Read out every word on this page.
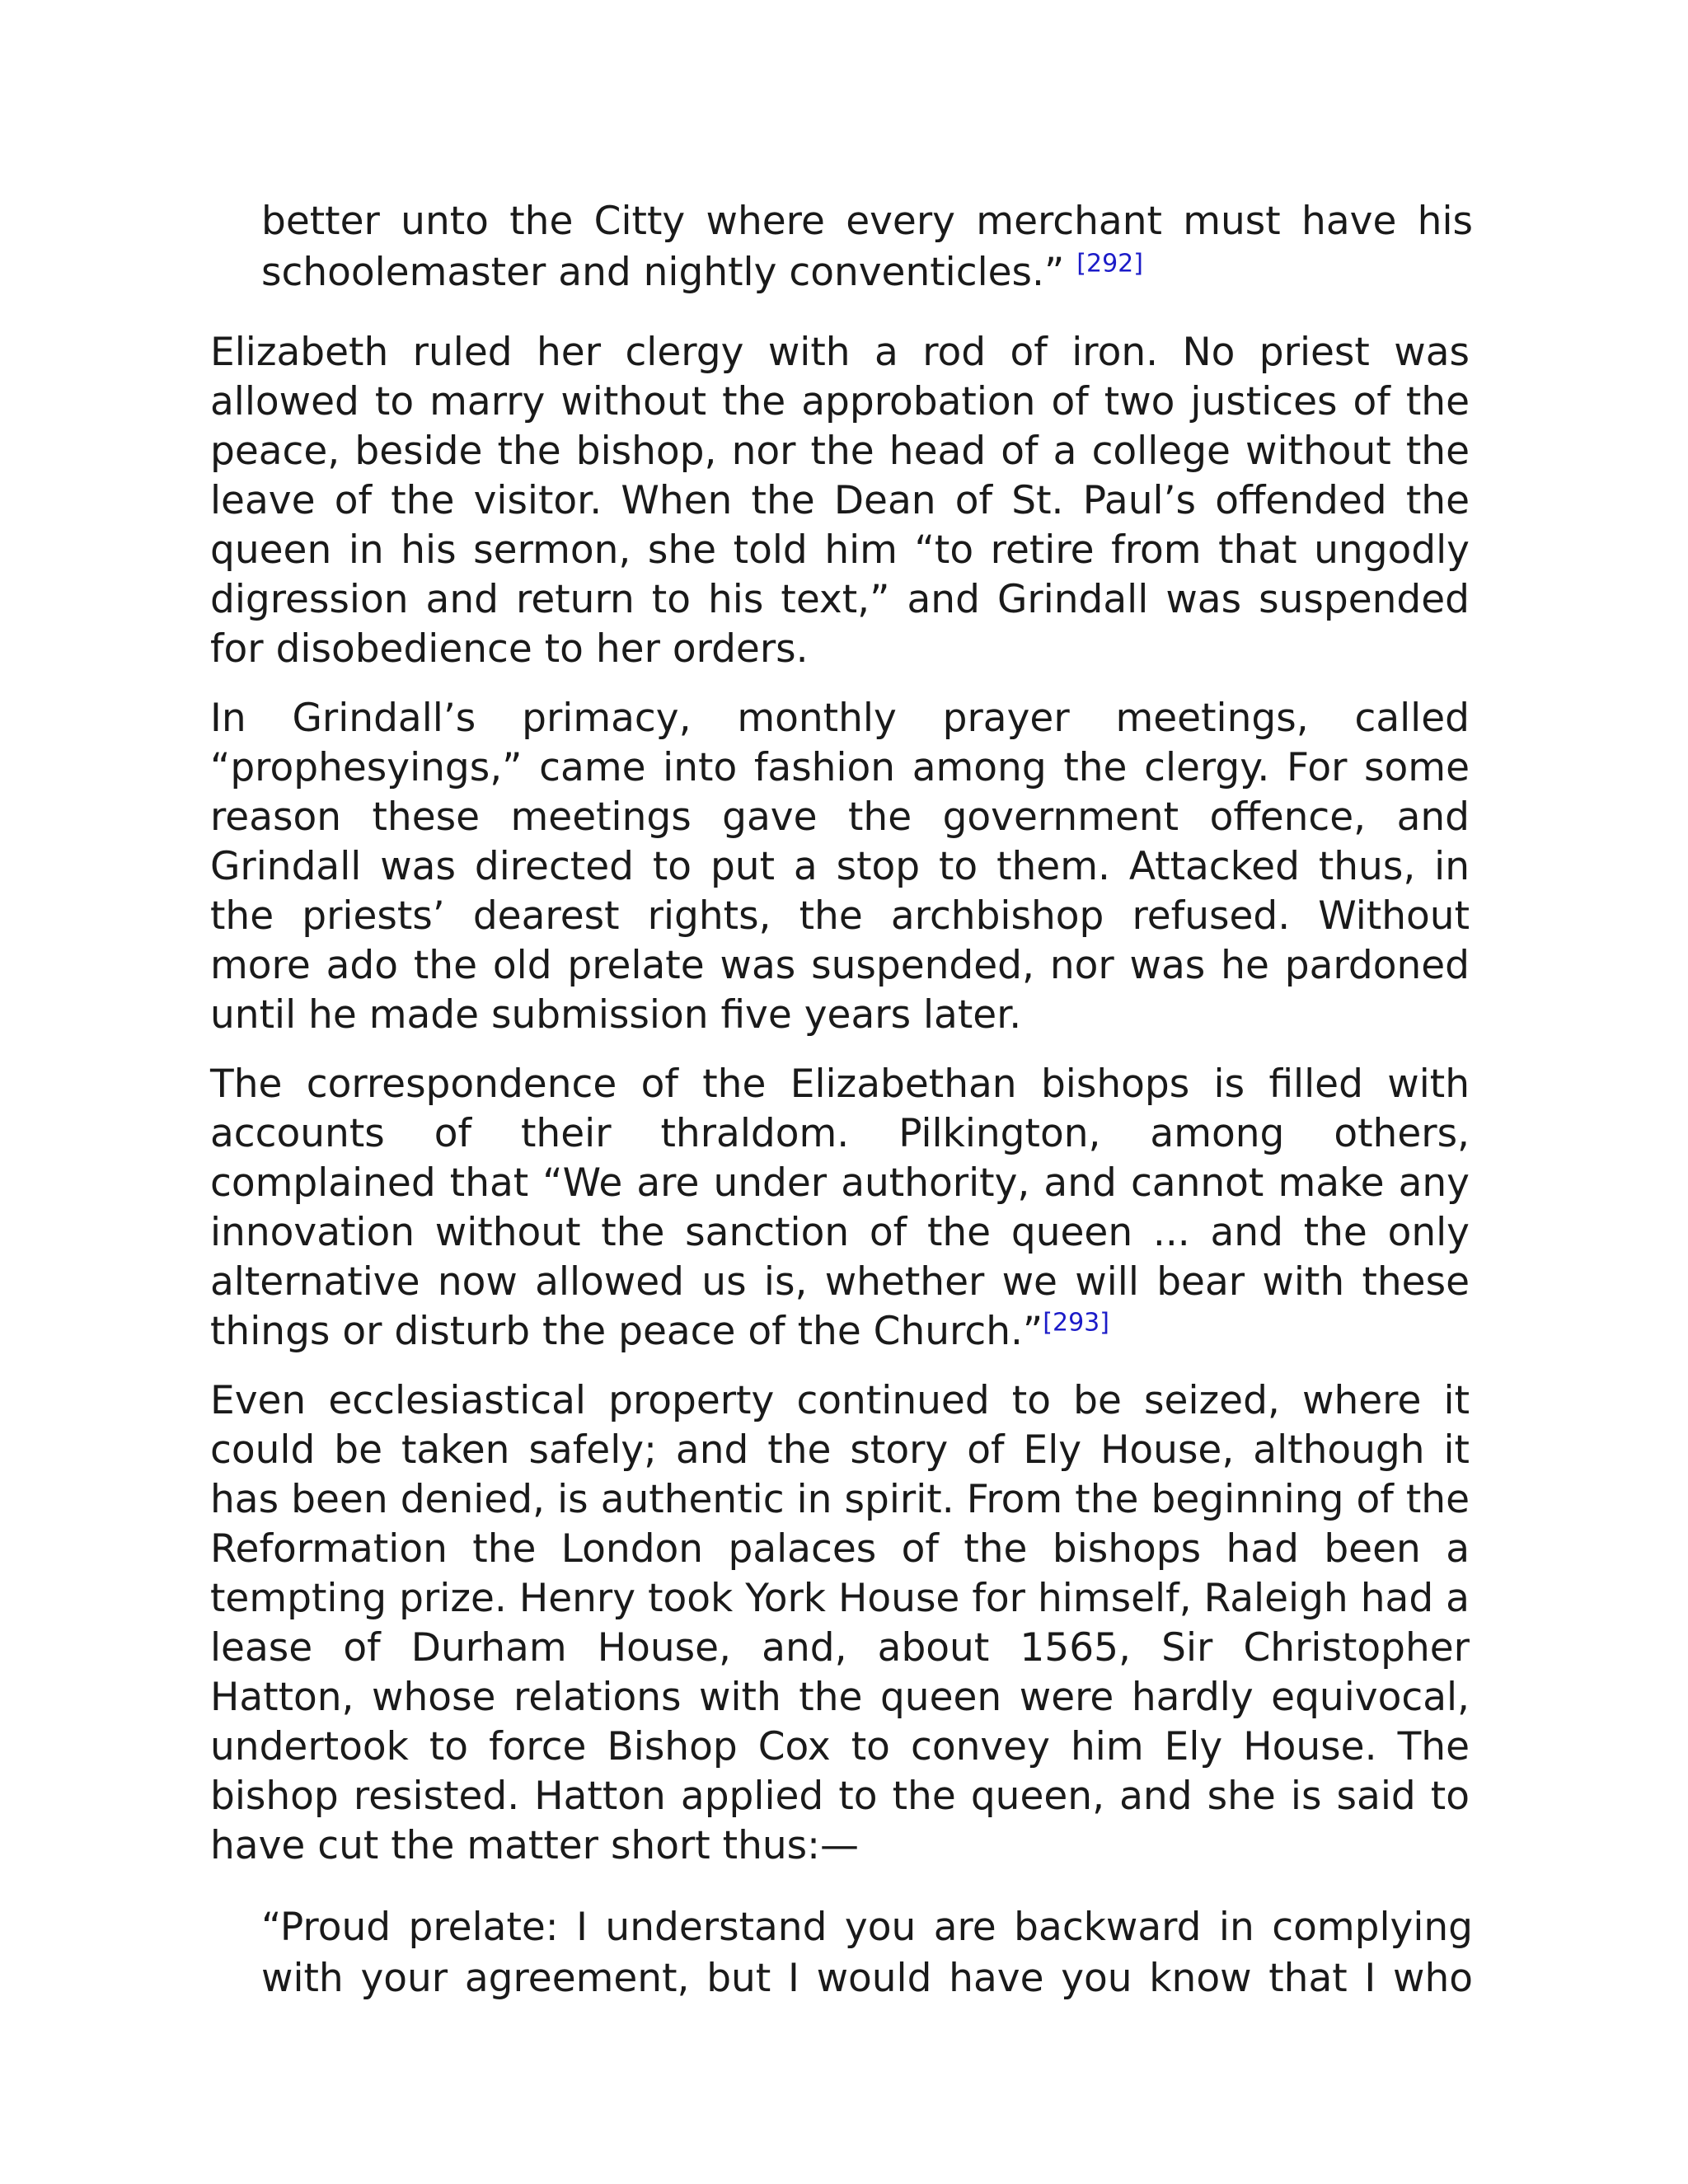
better unto the Citty where every merchant must have his schoolemaster and nightly conventicles.” [292]

Elizabeth ruled her clergy with a rod of iron. No priest was allowed to marry without the approbation of two justices of the peace, beside the bishop, nor the head of a college without the leave of the visitor. When the Dean of St. Paul’s offended the queen in his sermon, she told him “to retire from that ungodly digression and return to his text,” and Grindall was suspended for disobedience to her orders.

In Grindall’s primacy, monthly prayer meetings, called “prophesyings,” came into fashion among the clergy. For some reason these meetings gave the government offence, and Grindall was directed to put a stop to them. Attacked thus, in the priests’ dearest rights, the archbishop refused. Without more ado the old prelate was suspended, nor was he pardoned until he made submission five years later.

The correspondence of the Elizabethan bishops is filled with accounts of their thraldom. Pilkington, among others, complained that “We are under authority, and cannot make any innovation without the sanction of the queen ... and the only alternative now allowed us is, whether we will bear with these things or disturb the peace of the Church.”[293]

Even ecclesiastical property continued to be seized, where it could be taken safely; and the story of Ely House, although it has been denied, is authentic in spirit. From the beginning of the Reformation the London palaces of the bishops had been a tempting prize. Henry took York House for himself, Raleigh had a lease of Durham House, and, about 1565, Sir Christopher Hatton, whose relations with the queen were hardly equivocal, undertook to force Bishop Cox to convey him Ely House. The bishop resisted. Hatton applied to the queen, and she is said to have cut the matter short thus:—

“Proud prelate: I understand you are backward in complying with your agreement, but I would have you know that I who
